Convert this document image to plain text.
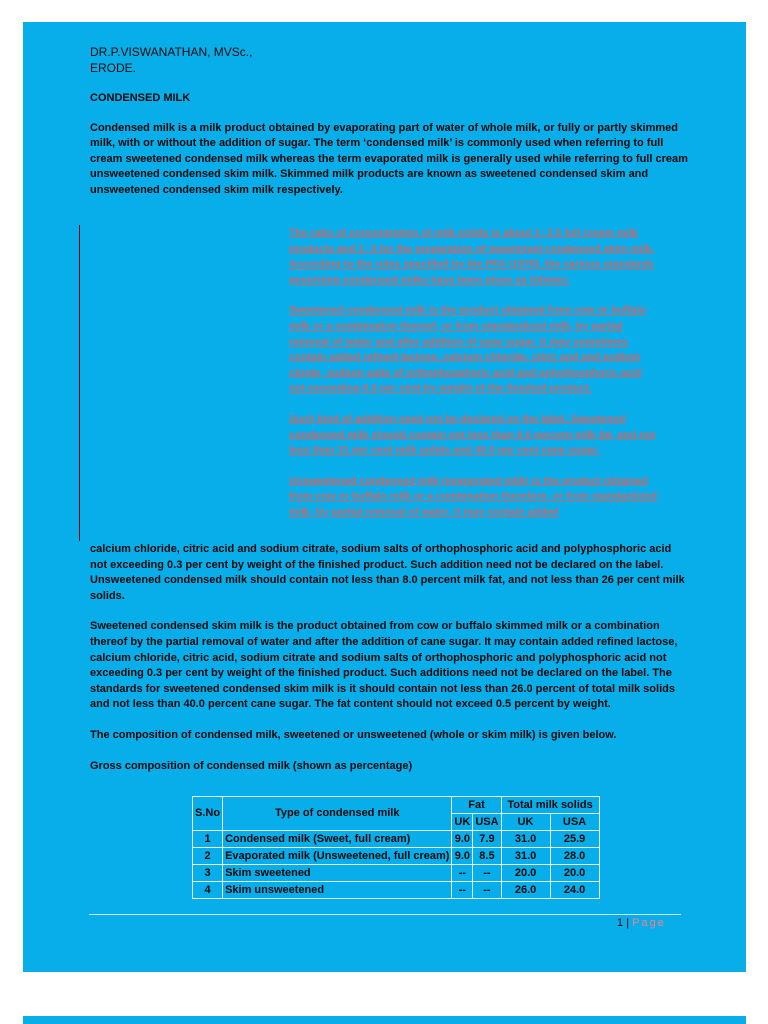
DR.P.VISWANATHAN, MVSc.,
ERODE.
CONDENSED MILK
Condensed milk is a milk product obtained by evaporating part of water of whole milk, or fully or partly skimmed milk, with or without the addition of sugar. The term ‘condensed milk’ is commonly used when referring to full cream sweetened condensed milk whereas the term evaporated milk is generally used while referring to full cream unsweetened condensed skim milk. Skimmed milk products are known as sweetened condensed skim and unsweetened condensed skim milk respectively.

The ratio of concentration of milk solids is about 1: 2.5 full cream milk products and 1: 3 for the preparation of sweetened condensed skim milk. According to the rules specified by the PFA (1976), the various standards governing condensed milks have been given as follows:

Sweetened condensed milk is the product obtained from cow or buffalo milk or a combination thereof, or from standardized milk, by partial removal of water and after addition of cane sugar. It may sometimes contain added refined lactose, calcium chloride, citric and and sodium citrate, sodium salts of orthophosphoric acid and polyphosphoric acid not exceeding 0.3 per cent by weight of the finished product.

Such kind of addition need not be declared on the label. Sweetened condensed milk should contain not less than 9.0 percent milk fat, and not less than 31 per cent milk solids and 40.0 per cent cane sugar.

Unsweetened condensed milk (evaporated milk) is the product obtained from cow or buffalo milk or a combination therefore, or from standardized milk, by partial removal of water. It may contain added

calcium chloride, citric acid and sodium citrate, sodium salts of orthophosphoric acid and polyphosphoric acid not exceeding 0.3 per cent by weight of the finished product. Such addition need not be declared on the label. Unsweetened condensed milk should contain not less than 8.0 percent milk fat, and not less than 26 per cent milk solids.

Sweetened condensed skim milk is the product obtained from cow or buffalo skimmed milk or a combination thereof by the partial removal of water and after the addition of cane sugar. It may contain added refined lactose, calcium chloride, citric acid, sodium citrate and sodium salts of orthophosphoric and polyphosphoric acid not exceeding 0.3 per cent by weight of the finished product. Such additions need not be declared on the label. The standards for sweetened condensed skim milk is it should contain not less than 26.0 percent of total milk solids and not less than 40.0 percent cane sugar. The fat content should not exceed 0.5 percent by weight.

The composition of condensed milk, sweetened or unsweetened (whole or skim milk) is given below.

Gross composition of condensed milk (shown as percentage)

S.No	Type of condensed milk	Fat		Total milk solids	
		UK	USA	UK	USA
1	Condensed milk (Sweet, full cream)	9.0	7.9	31.0	25.9
2	Evaporated milk (Unsweetened, full cream)	9.0	8.5	31.0	28.0
3	Skim sweetened	--	--	20.0	20.0
4	Skim unsweetened	--	--	26.0	24.0
1 | Page
